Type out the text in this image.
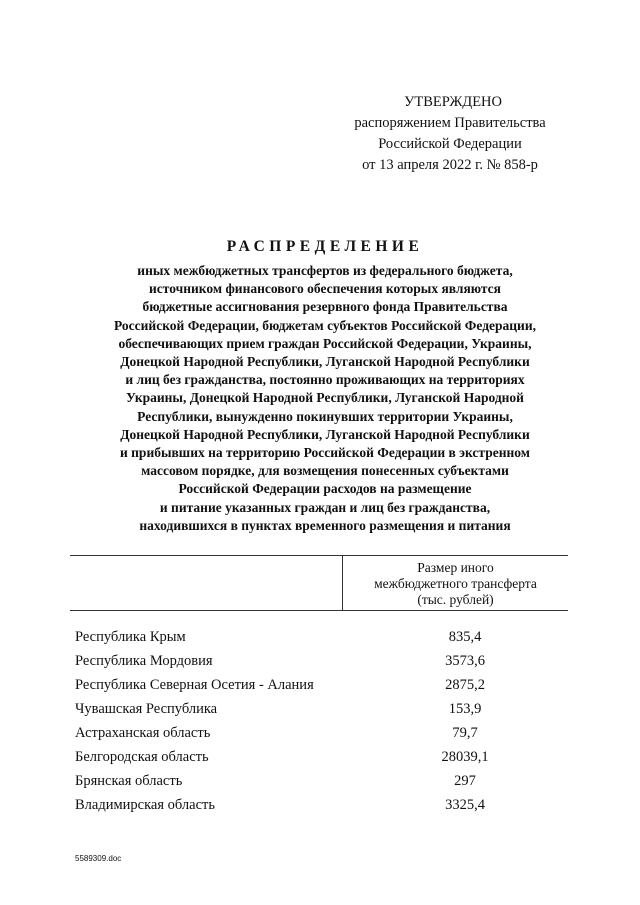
УТВЕРЖДЕНО
распоряжением Правительства
Российской Федерации
от 13 апреля 2022 г. № 858-р
РАСПРЕДЕЛЕНИЕ
иных межбюджетных трансфертов из федерального бюджета,
источником финансового обеспечения которых являются
бюджетные ассигнования резервного фонда Правительства
Российской Федерации, бюджетам субъектов Российской Федерации,
обеспечивающих прием граждан Российской Федерации, Украины,
Донецкой Народной Республики, Луганской Народной Республики
и лиц без гражданства, постоянно проживающих на территориях
Украины, Донецкой Народной Республики, Луганской Народной
Республики, вынужденно покинувших территории Украины,
Донецкой Народной Республики, Луганской Народной Республики
и прибывших на территорию Российской Федерации в экстренном
массовом порядке, для возмещения понесенных субъектами
Российской Федерации расходов на размещение
и питание указанных граждан и лиц без гражданства,
находившихся в пунктах временного размещения и питания
Размер иного
межбюджетного трансферта
(тыс. рублей)
Республика Крым	835,4
Республика Мордовия	3573,6
Республика Северная Осетия - Алания	2875,2
Чувашская Республика	153,9
Астраханская область	79,7
Белгородская область	28039,1
Брянская область	297
Владимирская область	3325,4
5589309.doc
